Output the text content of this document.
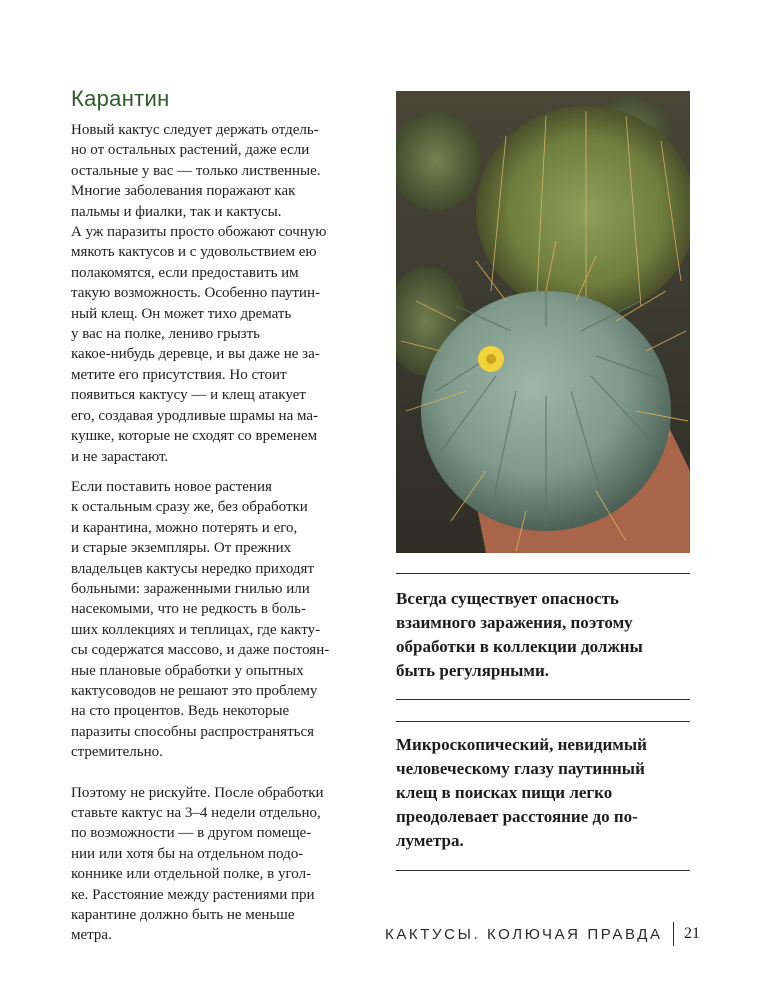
Карантин

Новый кактус следует держать отдель-
но от остальных растений, даже если
остальные у вас — только лиственные.
Многие заболевания поражают как
пальмы и фиалки, так и кактусы.
А уж паразиты просто обожают сочную
мякоть кактусов и с удовольствием ею
полакомятся, если предоставить им
такую возможность. Особенно паутин-
ный клещ. Он может тихо дремать
у вас на полке, лениво грызть
какое-нибудь деревце, и вы даже не за-
метите его присутствия. Но стоит
появиться кактусу — и клещ атакует
его, создавая уродливые шрамы на ма-
кушке, которые не сходят со временем
и не зарастают.

Если поставить новое растения
к остальным сразу же, без обработки
и карантина, можно потерять и его,
и старые экземпляры. От прежних
владельцев кактусы нередко приходят
больными: зараженными гнилью или
насекомыми, что не редкость в боль-
ших коллекциях и теплицах, где какту-
сы содержатся массово, и даже постоян-
ные плановые обработки у опытных
кактусоводов не решают это проблему
на сто процентов. Ведь некоторые
паразиты способны распространяться
стремительно.

Поэтому не рискуйте. После обработки
ставьте кактус на 3–4 недели отдельно,
по возможности — в другом помеще-
нии или хотя бы на отдельном подо-
коннике или отдельной полке, в угол-
ке. Расстояние между растениями при
карантине должно быть не меньше
метра.

Всегда существует опасность
взаимного заражения, поэтому
обработки в коллекции должны
быть регулярными.

Микроскопический, невидимый
человеческому глазу паутинный
клещ в поисках пищи легко
преодолевает расстояние до по-
луметра.

КАКТУСЫ. КОЛЮЧАЯ ПРАВДА 21
